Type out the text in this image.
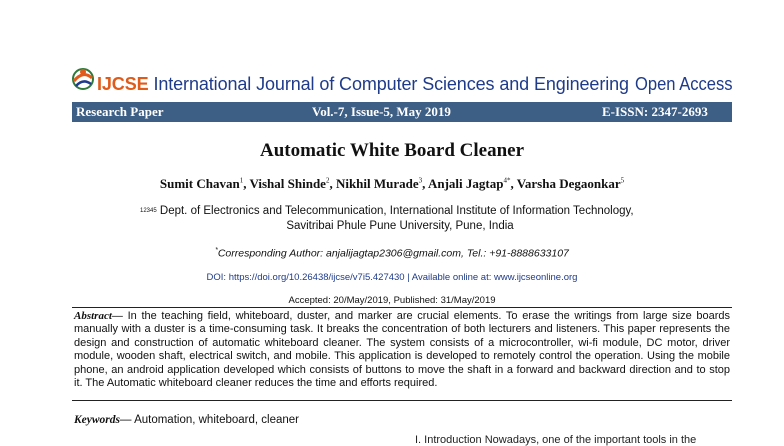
IJCSE International Journal of Computer Sciences and Engineering Open Access
Research Paper	Vol.-7, Issue-5, May 2019	E-ISSN: 2347-2693
Automatic White Board Cleaner
Sumit Chavan$^1$, Vishal Shinde$^2$, Nikhil Murade$^3$, Anjali Jagtap$^{4*}$, Varsha Degaonkar$^5$
$^{12345}$ Dept. of Electronics and Telecommunication, International Institute of Information Technology,
Savitribai Phule Pune University, Pune, India
*Corresponding Author: anjalijagtap2306@gmail.com, Tel.: +91-8888633107
DOI: https://doi.org/10.26438/ijcse/v7i5.427430 | Available online at: www.ijcseonline.org
Accepted: 20/May/2019, Published: 31/May/2019
Abstract— In the teaching field, whiteboard, duster, and marker are crucial elements. To erase the writings from large size boards manually with a duster is a time-consuming task. It breaks the concentration of both lecturers and listeners. This paper represents the design and construction of automatic whiteboard cleaner. The system consists of a microcontroller, wi-fi module, DC motor, driver module, wooden shaft, electrical switch, and mobile. This application is developed to remotely control the operation. Using the mobile phone, an android application developed which consists of buttons to move the shaft in a forward and backward direction and to stop it. The Automatic whiteboard cleaner reduces the time and efforts required.
Keywords— Automation, whiteboard, cleaner
I. Introduction Nowadays, one of the important tools in the
